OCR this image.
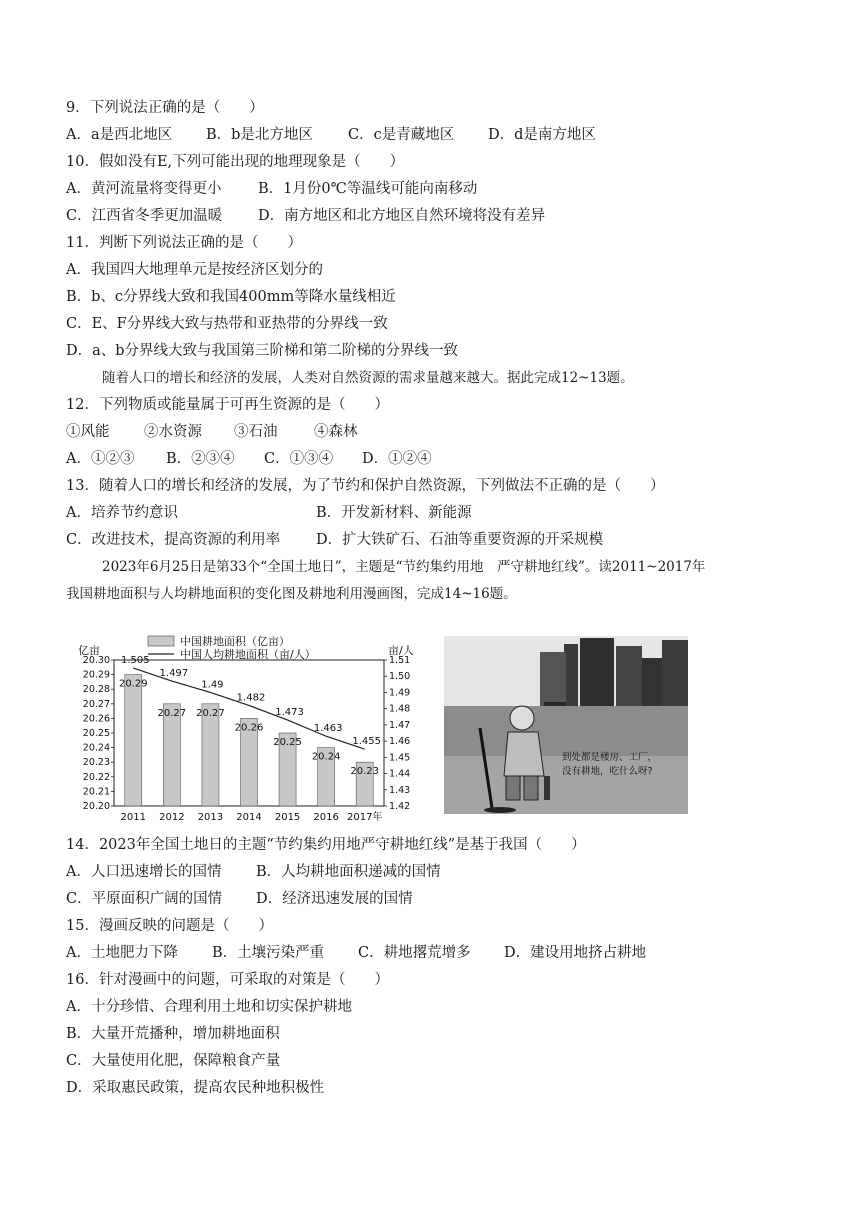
9．下列说法正确的是（　　）
A．a是西北地区	B．b是北方地区	C．c是青藏地区	D．d是南方地区
10．假如没有E,下列可能出现的地理现象是（　　）
A．黄河流量将变得更小	B．1月份0℃等温线可能向南移动
C．江西省冬季更加温暖	D．南方地区和北方地区自然环境将没有差异
11．判断下列说法正确的是（　　）
A．我国四大地理单元是按经济区划分的
B．b、c分界线大致和我国400mm等降水量线相近
C．E、F分界线大致与热带和亚热带的分界线一致
D．a、b分界线大致与我国第三阶梯和第二阶梯的分界线一致
随着人口的增长和经济的发展，人类对自然资源的需求量越来越大。据此完成12~13题。
12．下列物质或能量属于可再生资源的是（　　）
①风能	②水资源	③石油	④森林
A．①②③	B．②③④	C．①③④	D．①②④
13．随着人口的增长和经济的发展，为了节约和保护自然资源，下列做法不正确的是（　　）
A．培养节约意识	B．开发新材料、新能源
C．改进技术，提高资源的利用率	D．扩大铁矿石、石油等重要资源的开采规模
2023年6月25日是第33个“全国土地日”，主题是“节约集约用地　严守耕地红线”。读2011~2017年
我国耕地面积与人均耕地面积的变化图及耕地利用漫画图，完成14~16题。
中国耕地面积（亿亩）
中国人均耕地面积（亩/人）
亿亩	亩/人
20.30
20.29
20.28
20.27
20.26
20.25
20.24
20.23
20.22
20.21
20.20
1.51
1.50
1.49
1.48
1.47
1.46
1.45
1.44
1.43
1.42
20.29
2011
20.27
2012
20.27
2013
20.26
2014
20.25
2015
20.24
2016
20.23
2017年
1.505
1.497
1.49
1.482
1.473
1.463
1.455
到处都是楼房、工厂，
没有耕地，吃什么呀?
14．2023年全国土地日的主题“节约集约用地严守耕地红线”是基于我国（　　）
A．人口迅速增长的国情	B．人均耕地面积递减的国情
C．平原面积广阔的国情	D．经济迅速发展的国情
15．漫画反映的问题是（　　）
A．土地肥力下降	B．土壤污染严重	C．耕地撂荒增多	D．建设用地挤占耕地
16．针对漫画中的问题，可采取的对策是（　　）
A．十分珍惜、合理利用土地和切实保护耕地
B．大量开荒播种，增加耕地面积
C．大量使用化肥，保障粮食产量
D．采取惠民政策，提高农民种地积极性
